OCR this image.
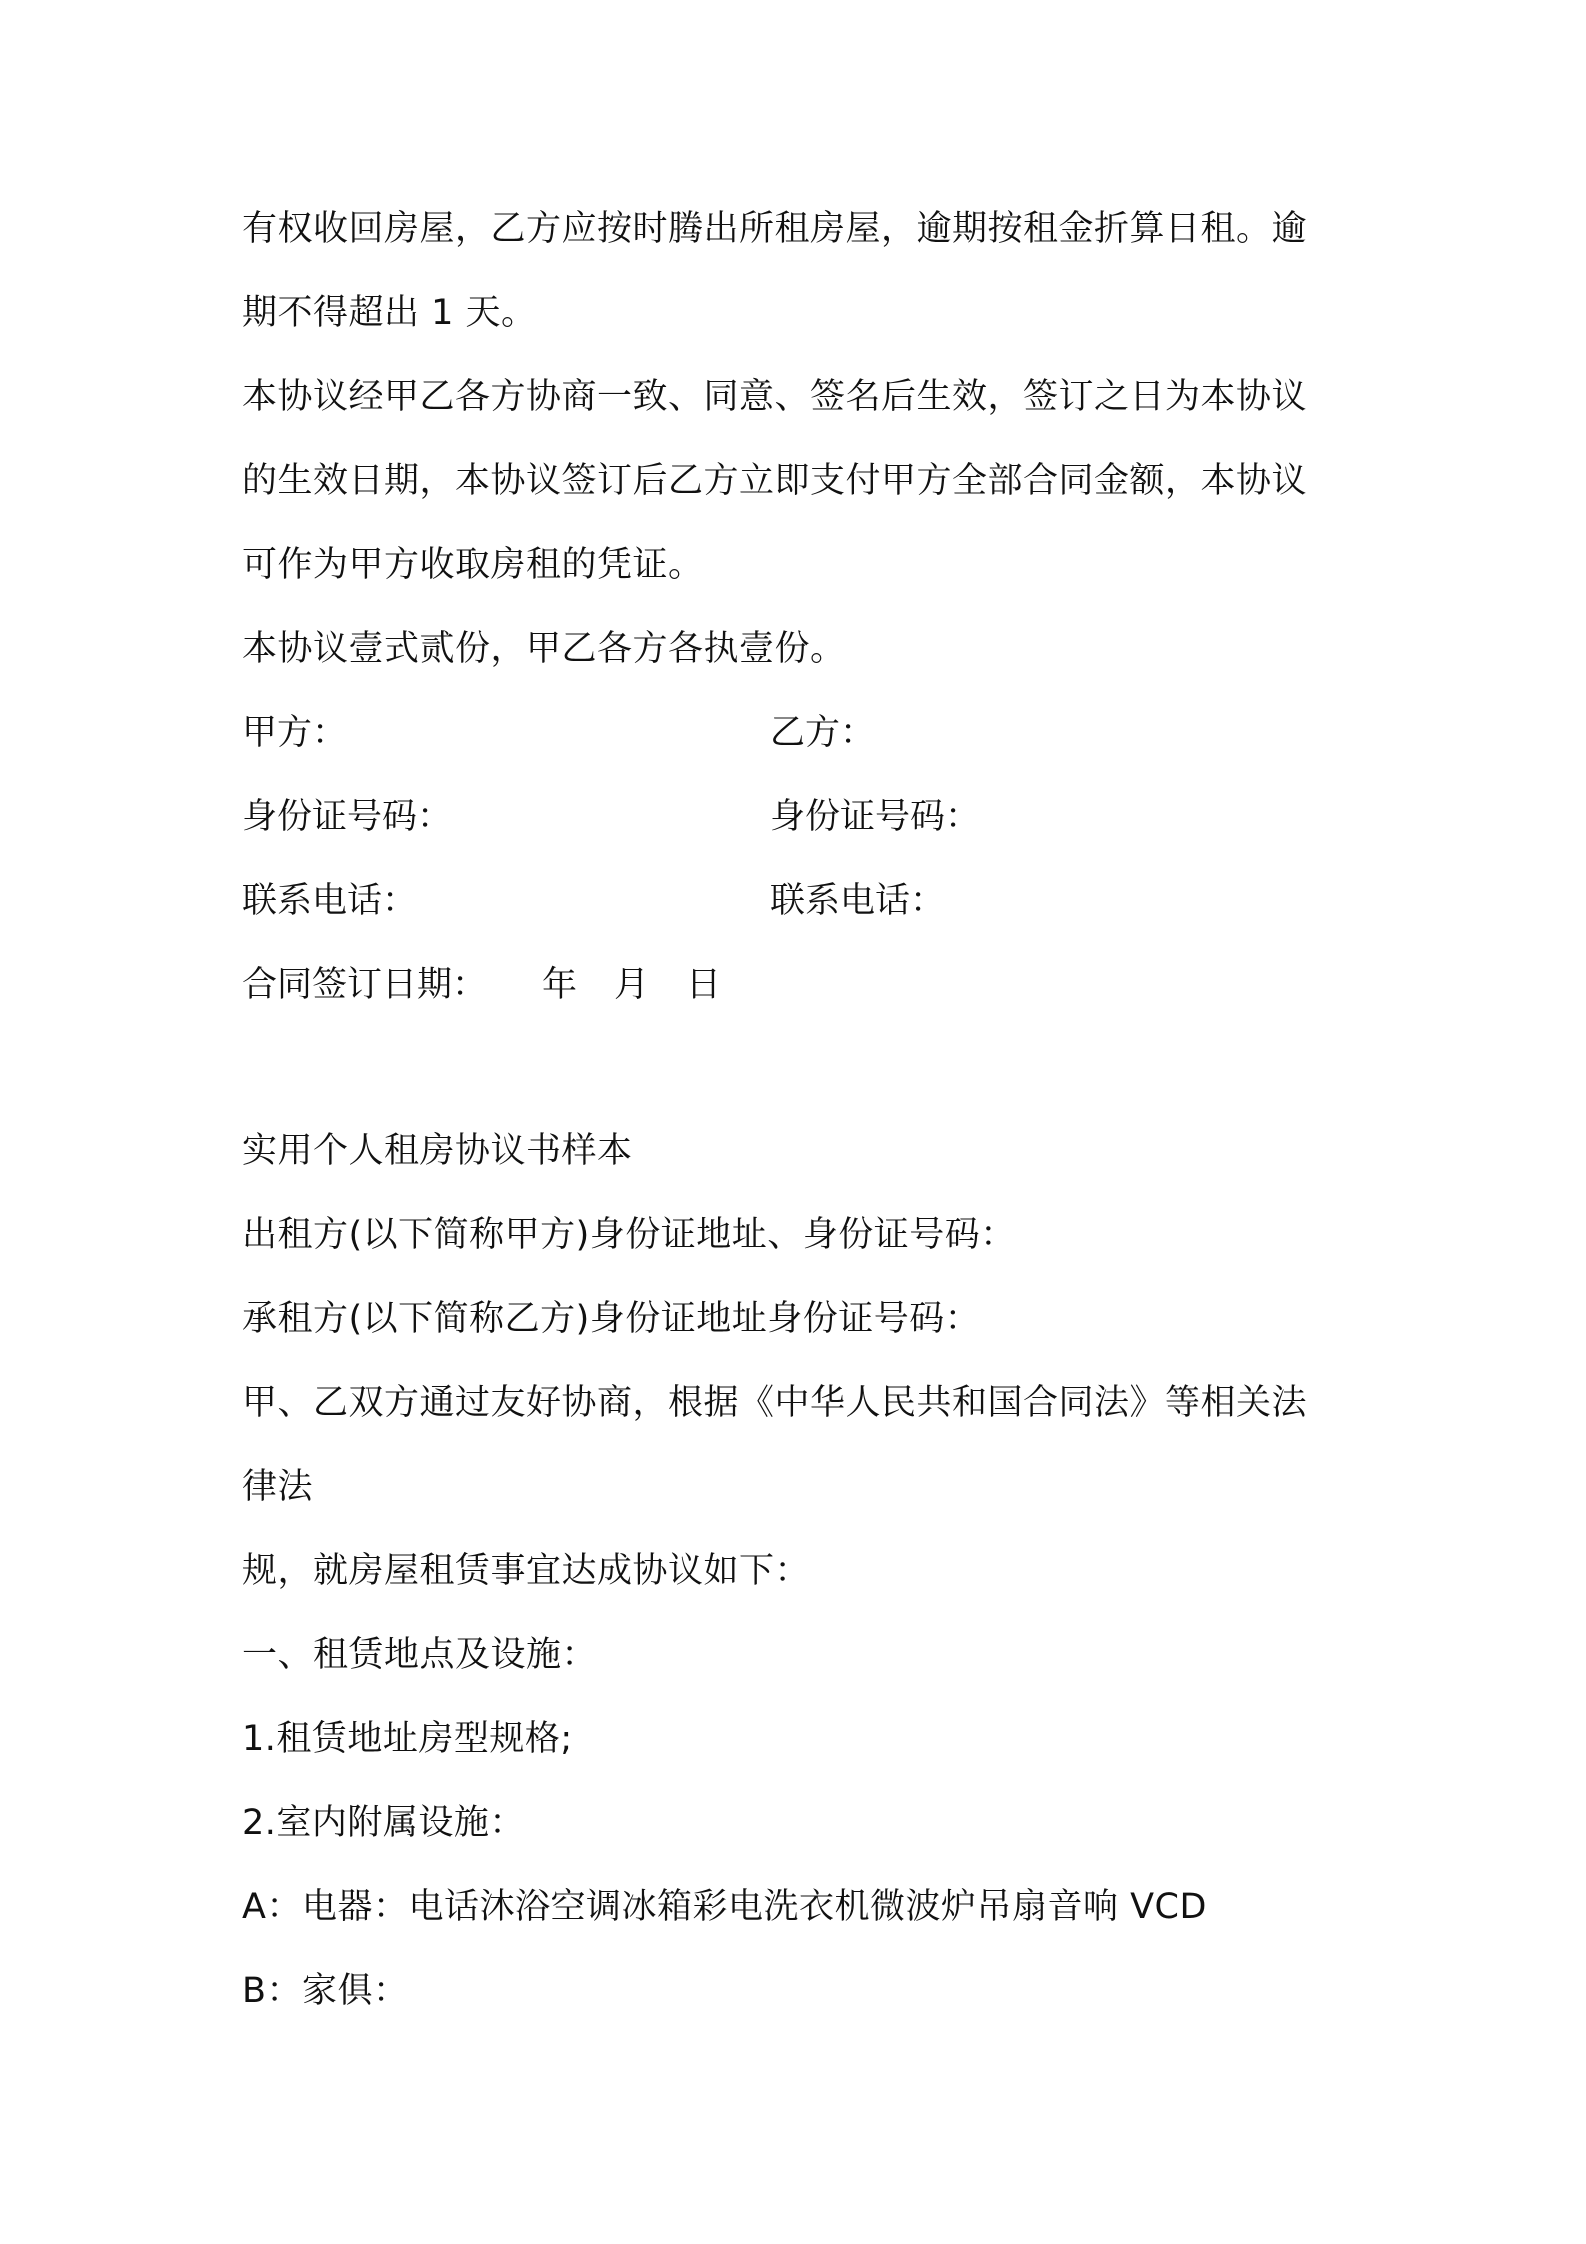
有权收回房屋，乙方应按时腾出所租房屋，逾期按租金折算日租。逾
期不得超出 1 天。
本协议经甲乙各方协商一致、同意、签名后生效，签订之日为本协议
的生效日期，本协议签订后乙方立即支付甲方全部合同金额，本协议
可作为甲方收取房租的凭证。
本协议壹式贰份，甲乙各方各执壹份。
甲方：	乙方：
身份证号码：	身份证号码：
联系电话：	联系电话：
合同签订日期： 年 月 日
实用个人租房协议书样本
出租方(以下简称甲方)身份证地址、身份证号码：
承租方(以下简称乙方)身份证地址身份证号码：
甲、乙双方通过友好协商，根据《中华人民共和国合同法》等相关法
律法
规，就房屋租赁事宜达成协议如下：
一、租赁地点及设施：
1.租赁地址房型规格;
2.室内附属设施：
A：电器：电话沐浴空调冰箱彩电洗衣机微波炉吊扇音响 VCD
B：家俱：
